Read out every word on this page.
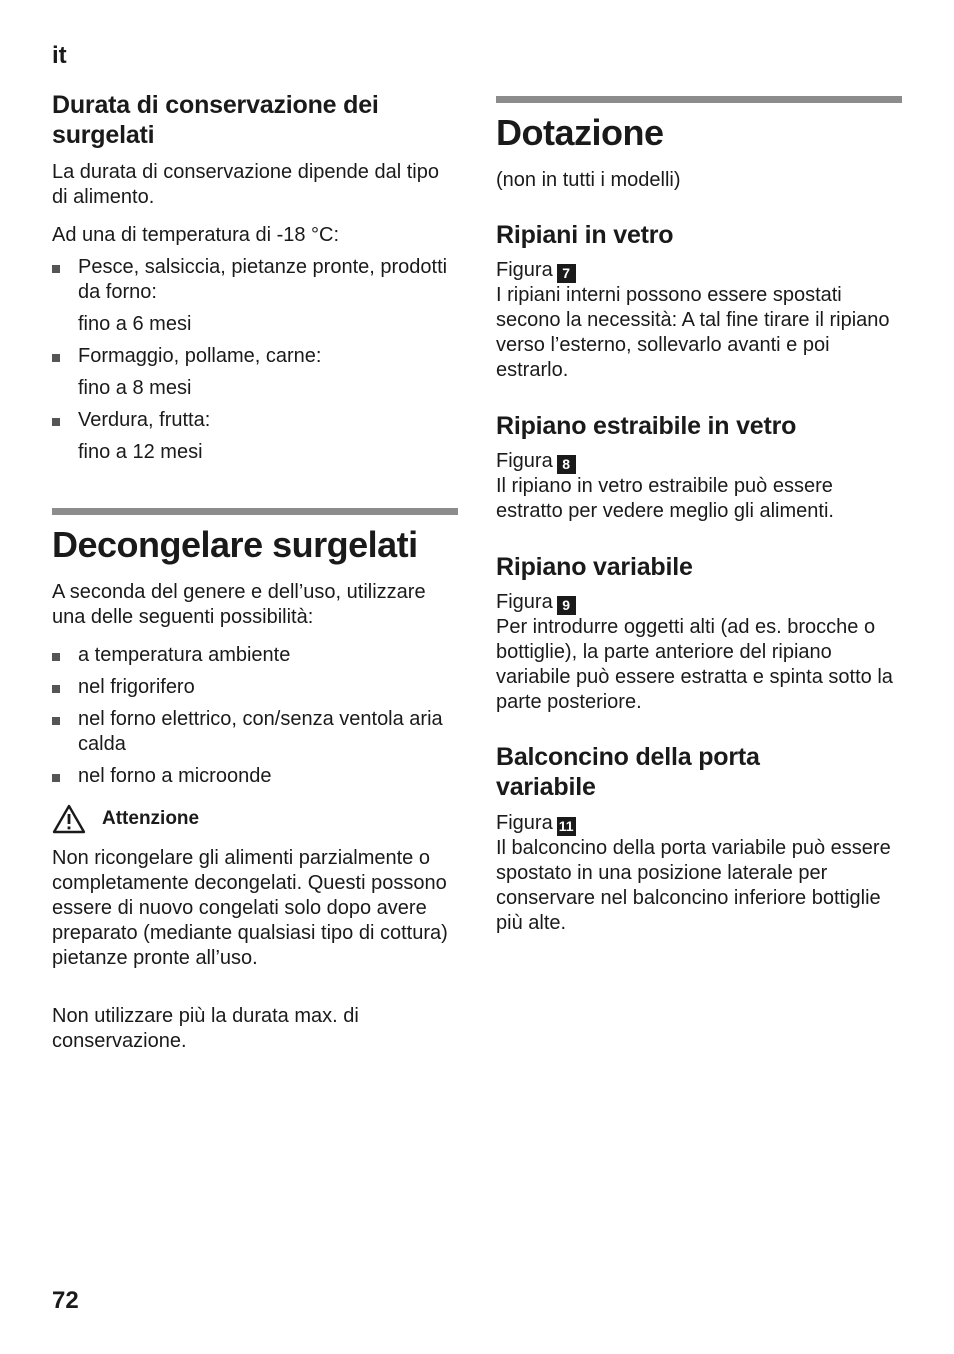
it
Durata di conservazione dei surgelati

La durata di conservazione dipende dal tipo di alimento.

Ad una di temperatura di -18 °C:

Pesce, salsiccia, pietanze pronte, prodotti da forno:
fino a 6 mesi
Formaggio, pollame, carne:
fino a 8 mesi
Verdura, frutta:
fino a 12 mesi
Decongelare surgelati

A seconda del genere e dell’uso, utilizzare una delle seguenti possibilità:

a temperatura ambiente
nel frigorifero
nel forno elettrico, con/senza ventola aria calda
nel forno a microonde
Attenzione

Non ricongelare gli alimenti parzialmente o completamente decongelati. Questi possono essere di nuovo congelati solo dopo avere preparato (mediante qualsiasi tipo di cottura) pietanze pronte all’uso.

Non utilizzare più la durata max. di conservazione.

Dotazione

(non in tutti i modelli)

Ripiani in vetro

Figura 7

I ripiani interni possono essere spostati secono la necessità: A tal fine tirare il ripiano verso l’esterno, sollevarlo avanti e poi estrarlo.

Ripiano estraibile in vetro

Figura 8

Il ripiano in vetro estraibile può essere estratto per vedere meglio gli alimenti.

Ripiano variabile

Figura 9

Per introdurre oggetti alti (ad es. brocche o bottiglie), la parte anteriore del ripiano variabile può essere estratta e spinta sotto la parte posteriore.

Balconcino della porta variabile

Figura 11

Il balconcino della porta variabile può essere spostato in una posizione laterale per conservare nel balconcino inferiore bottiglie più alte.

72
